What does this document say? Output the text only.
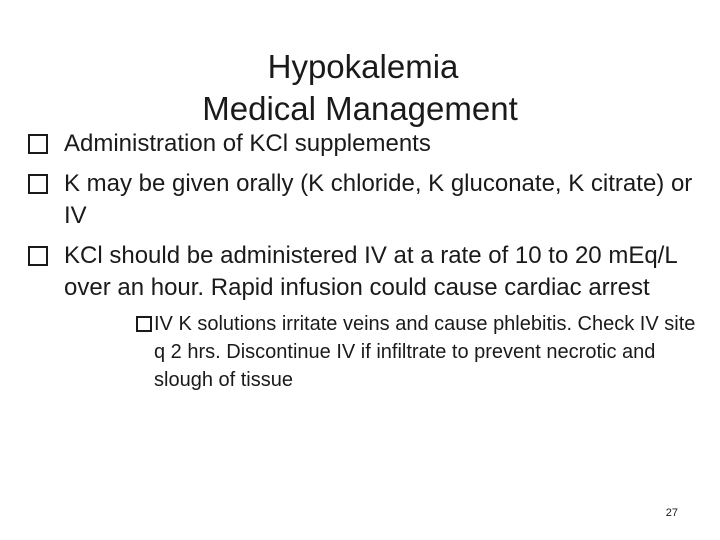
Hypokalemia
Medical Management
Administration of KCl supplements
K may be given orally (K chloride, K gluconate, K citrate) or IV
KCl should be administered IV at a rate of 10 to 20 mEq/L over an hour. Rapid infusion could cause cardiac arrest
IV K solutions irritate veins and cause phlebitis. Check IV site q 2 hrs. Discontinue IV if infiltrate to prevent necrotic and slough of tissue
27
